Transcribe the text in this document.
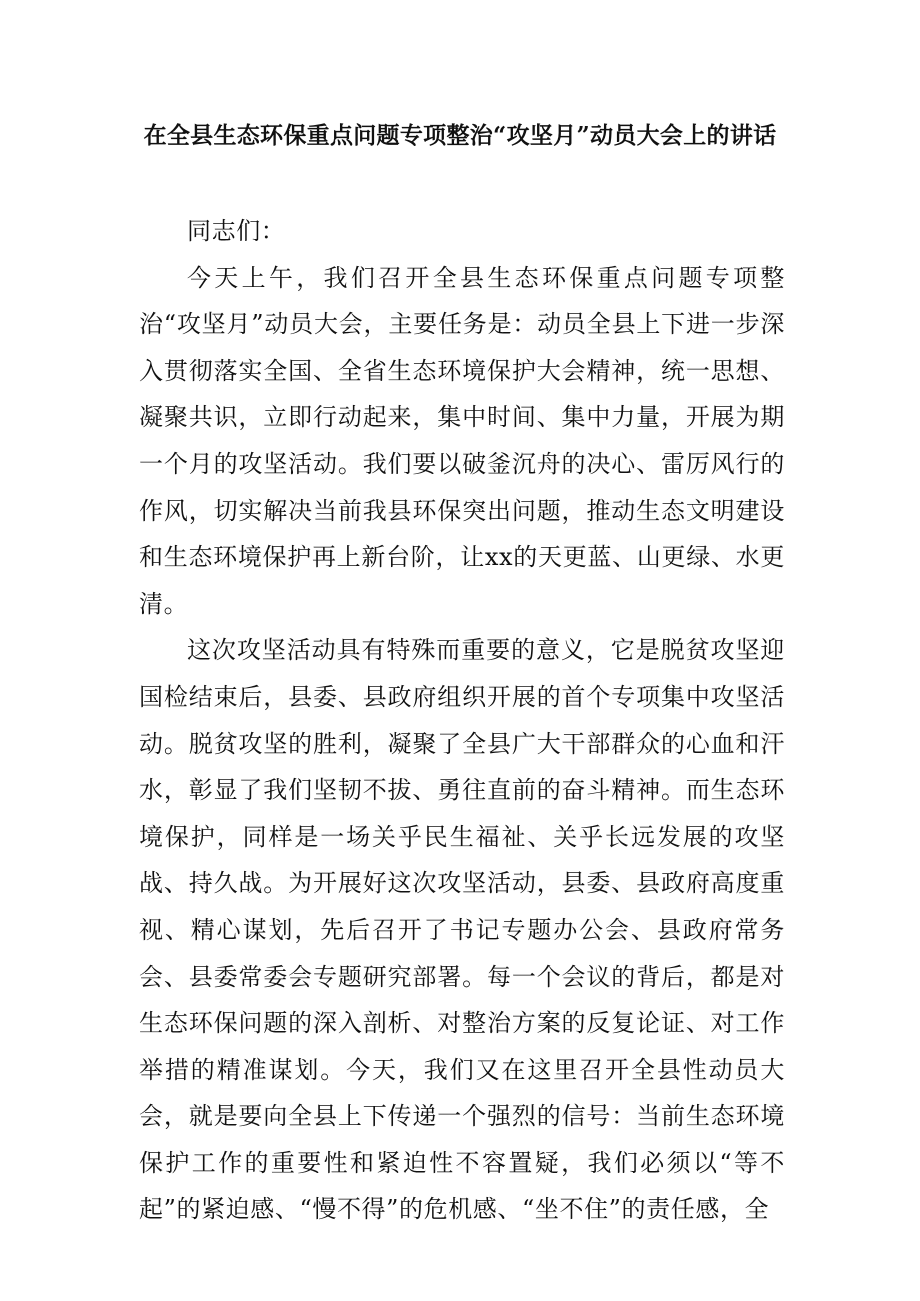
在全县生态环保重点问题专项整治“攻坚月”动员大会上的讲话

同志们：

今天上午，我们召开全县生态环保重点问题专项整治“攻坚月”动员大会，主要任务是：动员全县上下进一步深入贯彻落实全国、全省生态环境保护大会精神，统一思想、凝聚共识，立即行动起来，集中时间、集中力量，开展为期一个月的攻坚活动。我们要以破釜沉舟的决心、雷厉风行的作风，切实解决当前我县环保突出问题，推动生态文明建设和生态环境保护再上新台阶，让xx的天更蓝、山更绿、水更清。

这次攻坚活动具有特殊而重要的意义，它是脱贫攻坚迎国检结束后，县委、县政府组织开展的首个专项集中攻坚活动。脱贫攻坚的胜利，凝聚了全县广大干部群众的心血和汗水，彰显了我们坚韧不拔、勇往直前的奋斗精神。而生态环境保护，同样是一场关乎民生福祉、关乎长远发展的攻坚战、持久战。为开展好这次攻坚活动，县委、县政府高度重视、精心谋划，先后召开了书记专题办公会、县政府常务会、县委常委会专题研究部署。每一个会议的背后，都是对生态环保问题的深入剖析、对整治方案的反复论证、对工作举措的精准谋划。今天，我们又在这里召开全县性动员大会，就是要向全县上下传递一个强烈的信号：当前生态环境保护工作的重要性和紧迫性不容置疑，我们必须以“等不起”的紧迫感、“慢不得”的危机感、“坐不住”的责任感，全
